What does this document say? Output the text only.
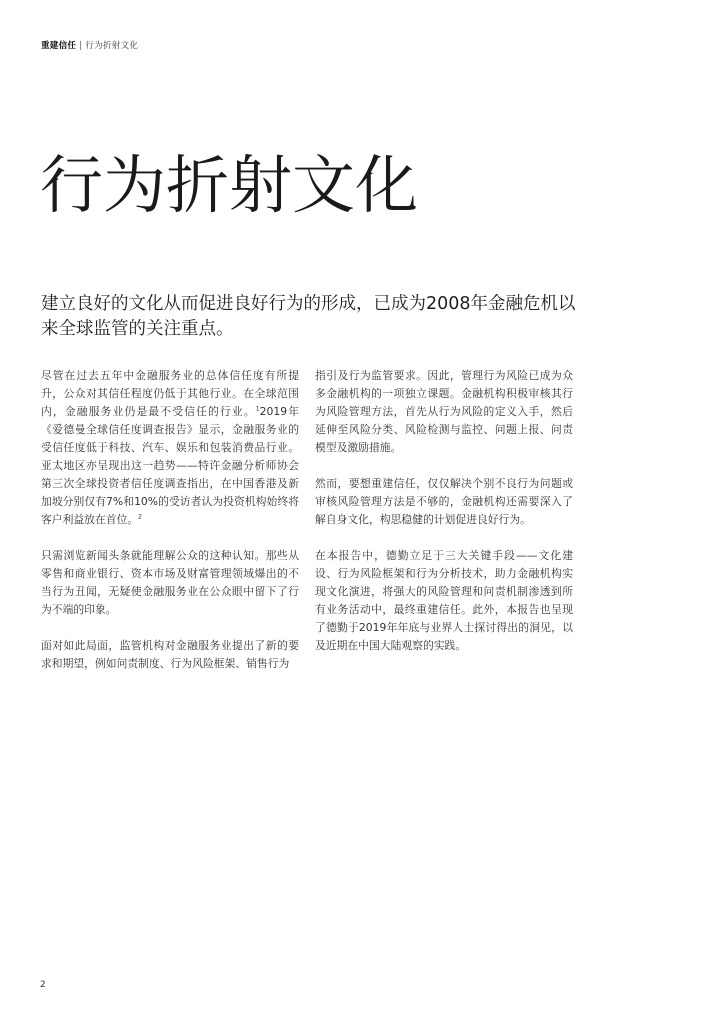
重建信任 | 行为折射文化
行为折射文化

建立良好的文化从而促进良好行为的形成，已成为2008年金融危机以来全球监管的关注重点。

尽管在过去五年中金融服务业的总体信任度有所提升，公众对其信任程度仍低于其他行业。在全球范围内，金融服务业仍是最不受信任的行业。$^1$2019年《爱德曼全球信任度调查报告》显示，金融服务业的受信任度低于科技、汽车、娱乐和包装消费品行业。亚太地区亦呈现出这一趋势——特许金融分析师协会第三次全球投资者信任度调查指出，在中国香港及新加坡分别仅有7%和10%的受访者认为投资机构始终将客户利益放在首位。$^2$

只需浏览新闻头条就能理解公众的这种认知。那些从零售和商业银行、资本市场及财富管理领域爆出的不当行为丑闻，无疑使金融服务业在公众眼中留下了行为不端的印象。

面对如此局面，监管机构对金融服务业提出了新的要求和期望，例如问责制度、行为风险框架、销售行为

指引及行为监管要求。因此，管理行为风险已成为众多金融机构的一项独立课题。金融机构积极审核其行为风险管理方法，首先从行为风险的定义入手，然后延伸至风险分类、风险检测与监控、问题上报、问责模型及激励措施。

然而，要想重建信任，仅仅解决个别不良行为问题或审核风险管理方法是不够的，金融机构还需要深入了解自身文化，构思稳健的计划促进良好行为。

在本报告中，德勤立足于三大关键手段——文化建设、行为风险框架和行为分析技术，助力金融机构实现文化演进，将强大的风险管理和问责机制渗透到所有业务活动中，最终重建信任。此外，本报告也呈现了德勤于2019年年底与业界人士探讨得出的洞见，以及近期在中国大陆观察的实践。

2
